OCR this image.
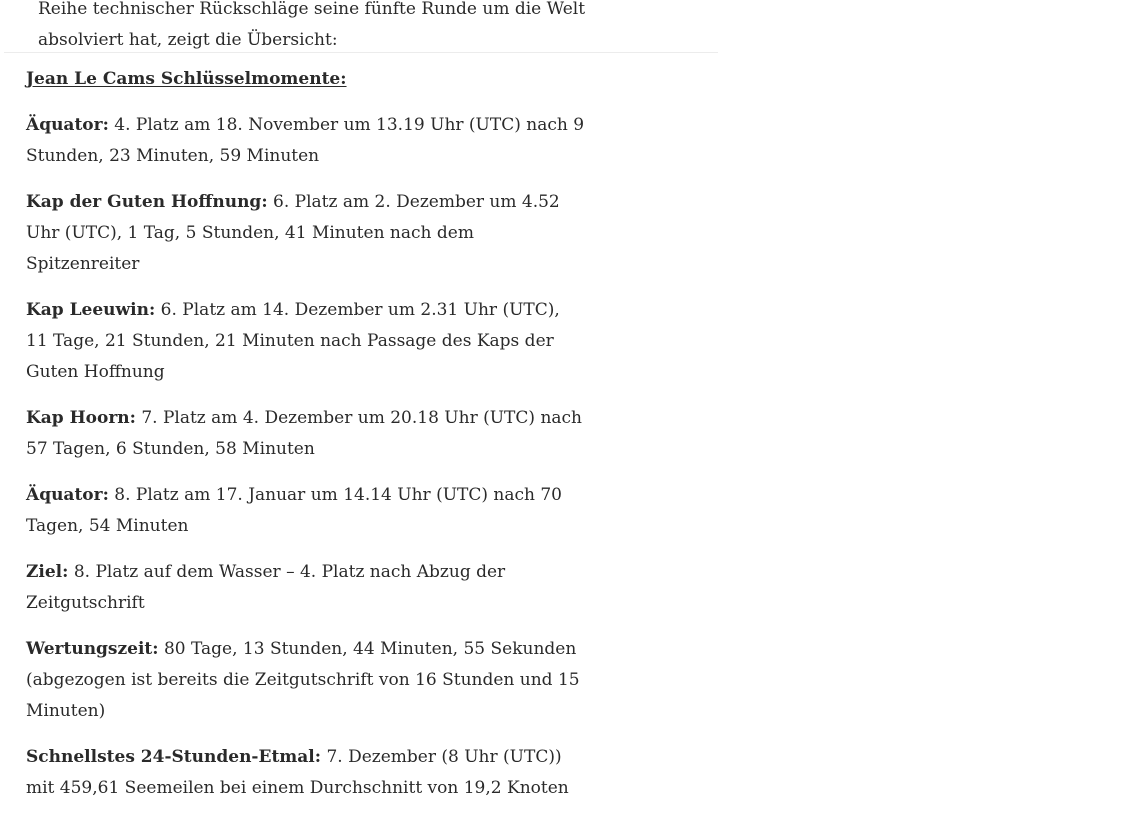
Reihe technischer Rückschläge seine fünfte Runde um die Welt
absolviert hat, zeigt die Übersicht:
Jean Le Cams Schlüsselmomente:
Äquator: 4. Platz am 18. November um 13.19 Uhr (UTC) nach 9 Stunden, 23 Minuten, 59 Minuten
Kap der Guten Hoffnung: 6. Platz am 2. Dezember um 4.52 Uhr (UTC), 1 Tag, 5 Stunden, 41 Minuten nach dem Spitzenreiter
Kap Leeuwin: 6. Platz am 14. Dezember um 2.31 Uhr (UTC), 11 Tage, 21 Stunden, 21 Minuten nach Passage des Kaps der Guten Hoffnung
Kap Hoorn: 7. Platz am 4. Dezember um 20.18 Uhr (UTC) nach 57 Tagen, 6 Stunden, 58 Minuten
Äquator: 8. Platz am 17. Januar um 14.14 Uhr (UTC) nach 70 Tagen, 54 Minuten
Ziel: 8. Platz auf dem Wasser – 4. Platz nach Abzug der Zeitgutschrift
Wertungszeit: 80 Tage, 13 Stunden, 44 Minuten, 55 Sekunden (abgezogen ist bereits die Zeitgutschrift von 16 Stunden und 15 Minuten)
Schnellstes 24-Stunden-Etmal: 7. Dezember (8 Uhr (UTC)) mit 459,61 Seemeilen bei einem Durchschnitt von 19,2 Knoten
